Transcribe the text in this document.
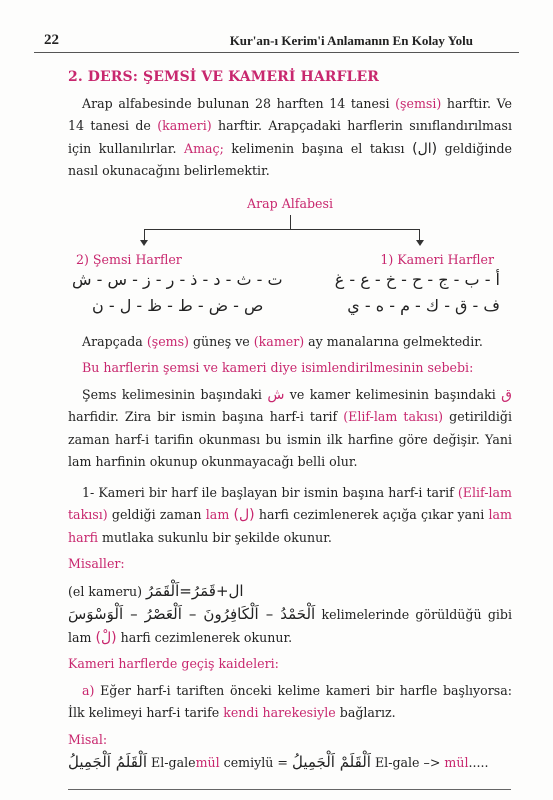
22	Kur'an-ı Kerim'i Anlamanın En Kolay Yolu
2. DERS: ŞEMSİ VE KAMERİ HARFLER

Arap alfabesinde bulunan 28 harften 14 tanesi (şemsi) harftir. Ve 14 tanesi de (kameri) harftir. Arapçadaki harflerin sınıflandırılması için kullanılırlar. Amaç; kelimenin başına el takısı (ال) geldiğinde nasıl okunacağını belirlemektir.

Arap Alfabesi
2) Şemsi Harfler	1) Kameri Harfler
ت - ث - د - ذ - ر - ز - س - ش
ص - ض - ط - ظ - ل - ن
أ - ب - ج - ح - خ - ع - غ
ف - ق - ك - م - ه - ي

Arapçada (şems) güneş ve (kamer) ay manalarına gelmektedir.

Bu harflerin şemsi ve kameri diye isimlendirilmesinin sebebi:

Şems kelimesinin başındaki ش ve kamer kelimesinin başındaki ق harfidir. Zira bir ismin başına harf-i tarif (Elif-lam takısı) getirildiği zaman harf-i tarifin okunması bu ismin ilk harfine göre değişir. Yani lam harfinin okunup okunmayacağı belli olur.

1- Kameri bir harf ile başlayan bir ismin başına harf-i tarif (Elif-lam takısı) geldiği zaman lam (ل) harfi cezimlenerek açığa çıkar yani lam harfi mutlaka sukunlu bir şekilde okunur.

Misaller:

(el kameru) ال+قَمَرُ=اَلْقَمَرُ

اَلْحَمْدُ – اَلْكَافِرُونَ – اَلْعَصْرُ – اَلْوَسْوَسَ kelimelerinde görüldüğü gibi lam (لْ) harfi cezimlenerek okunur.

Kameri harflerde geçiş kaideleri:

a) Eğer harf-i tariften önceki kelime kameri bir harfle başlıyorsa: İlk kelimeyi harf-i tarife kendi harekesiyle bağlarız.

Misal:

اَلْقَلَمُ اَلْجَمِيلُ El-galemül cemiylü = اَلْقَلَمْ اَلْجَمِيلُ El-gale –> mül.....
